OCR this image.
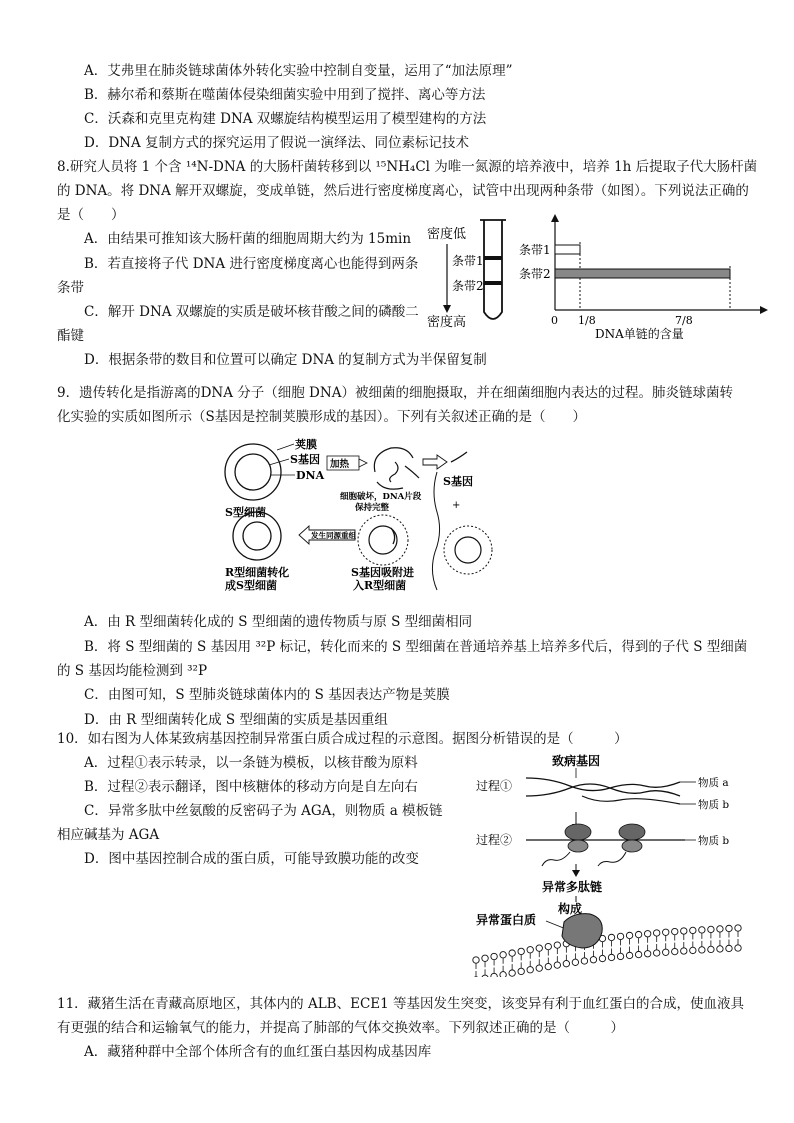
A．艾弗里在肺炎链球菌体外转化实验中控制自变量，运用了“加法原理”
B．赫尔希和蔡斯在噬菌体侵染细菌实验中用到了搅拌、离心等方法
C．沃森和克里克构建 DNA 双螺旋结构模型运用了模型建构的方法
D．DNA 复制方式的探究运用了假说一演绎法、同位素标记技术
8.研究人员将 1 个含 ¹⁴N-DNA 的大肠杆菌转移到以 ¹⁵NH₄Cl 为唯一氮源的培养液中，培养 1h 后提取子代大肠杆菌
的 DNA。将 DNA 解开双螺旋，变成单链，然后进行密度梯度离心，试管中出现两种条带（如图）。下列说法正确的
是（　　）
A．由结果可推知该大肠杆菌的细胞周期大约为 15min
B．若直接将子代 DNA 进行密度梯度离心也能得到两条
条带
C．解开 DNA 双螺旋的实质是破坏核苷酸之间的磷酸二
酯键
D．根据条带的数目和位置可以确定 DNA 的复制方式为半保留复制
密度低
密度高
条带1
条带2
0 1/8	7/8
DNA单链的含量
条带1
条带2
9．遗传转化是指游离的DNA 分子（细胞 DNA）被细菌的细胞摄取，并在细菌细胞内表达的过程。肺炎链球菌转
化实验的实质如图所示（S基因是控制荚膜形成的基因）。下列有关叙述正确的是（　　）
荚膜
S基因
DNA
S型细菌
加热
细胞破坏，DNA片段
保持完整
S基因
+
S基因吸附进
入R型细菌
发生同源重组
R型细菌转化
成S型细菌
A．由 R 型细菌转化成的 S 型细菌的遗传物质与原 S 型细菌相同
B．将 S 型细菌的 S 基因用 ³²P 标记，转化而来的 S 型细菌在普通培养基上培养多代后，得到的子代 S 型细菌
的 S 基因均能检测到 ³²P
C．由图可知，S 型肺炎链球菌体内的 S 基因表达产物是荚膜
D．由 R 型细菌转化成 S 型细菌的实质是基因重组
10．如右图为人体某致病基因控制异常蛋白质合成过程的示意图。据图分析错误的是（　　　）
A．过程①表示转录，以一条链为模板，以核苷酸为原料
B．过程②表示翻译，图中核糖体的移动方向是自左向右
C．异常多肽中丝氨酸的反密码子为 AGA，则物质 a 模板链
相应碱基为 AGA
D．图中基因控制合成的蛋白质，可能导致膜功能的改变
致病基因
过程①	物质 a
物质 b
过程②	物质 b
异常多肽链
构成
异常蛋白质
11．藏猪生活在青藏高原地区，其体内的 ALB、ECE1 等基因发生突变，该变异有利于血红蛋白的合成，使血液具
有更强的结合和运输氧气的能力，并提高了肺部的气体交换效率。下列叙述正确的是（　　　）
A．藏猪种群中全部个体所含有的血红蛋白基因构成基因库
